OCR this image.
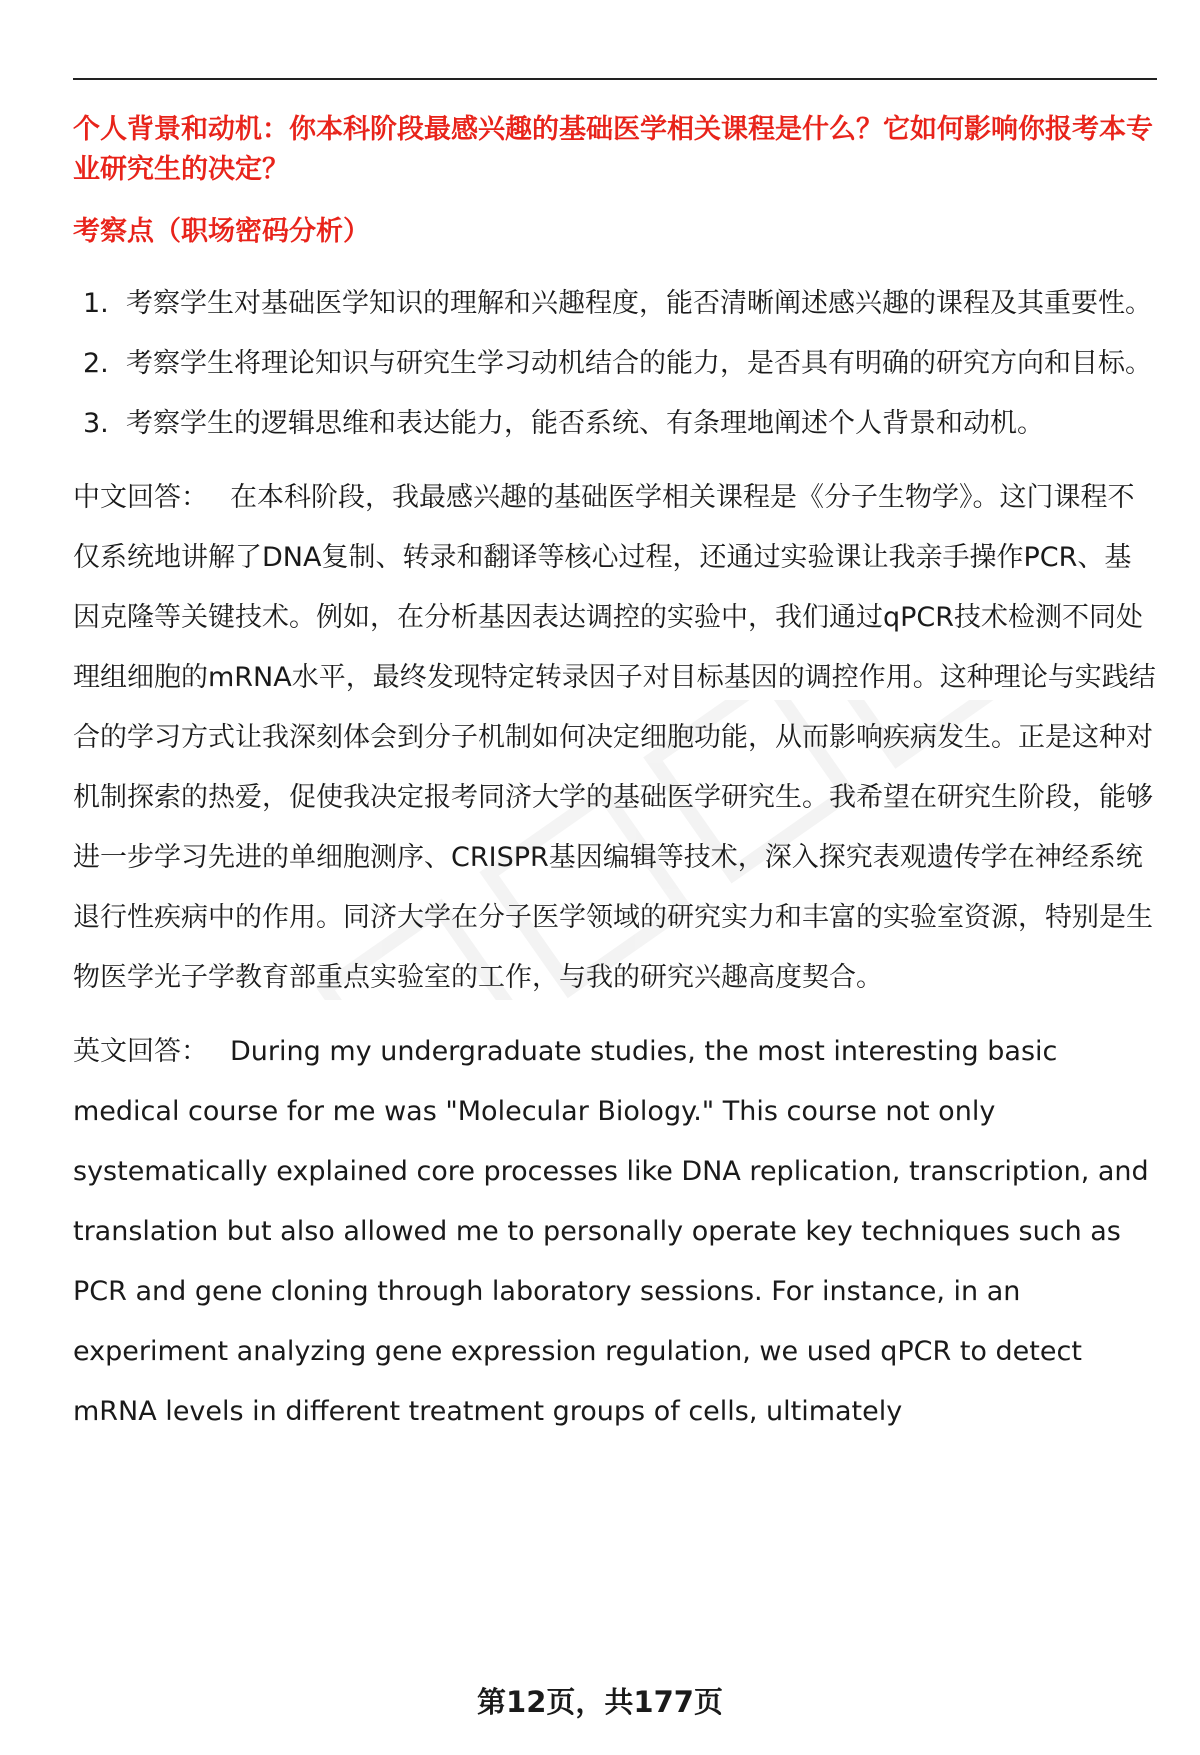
个人背景和动机：你本科阶段最感兴趣的基础医学相关课程是什么？它如何影响你报考本专业研究生的决定？

考察点（职场密码分析）

1. 考察学生对基础医学知识的理解和兴趣程度，能否清晰阐述感兴趣的课程及其重要性。
2. 考察学生将理论知识与研究生学习动机结合的能力，是否具有明确的研究方向和目标。
3. 考察学生的逻辑思维和表达能力，能否系统、有条理地阐述个人背景和动机。

中文回答： 在本科阶段，我最感兴趣的基础医学相关课程是《分子生物学》。这门课程不仅系统地讲解了DNA复制、转录和翻译等核心过程，还通过实验课让我亲手操作PCR、基因克隆等关键技术。例如，在分析基因表达调控的实验中，我们通过qPCR技术检测不同处理组细胞的mRNA水平，最终发现特定转录因子对目标基因的调控作用。这种理论与实践结合的学习方式让我深刻体会到分子机制如何决定细胞功能，从而影响疾病发生。正是这种对机制探索的热爱，促使我决定报考同济大学的基础医学研究生。我希望在研究生阶段，能够进一步学习先进的单细胞测序、CRISPR基因编辑等技术，深入探究表观遗传学在神经系统退行性疾病中的作用。同济大学在分子医学领域的研究实力和丰富的实验室资源，特别是生物医学光子学教育部重点实验室的工作，与我的研究兴趣高度契合。

英文回答： During my undergraduate studies, the most interesting basic medical course for me was "Molecular Biology." This course not only systematically explained core processes like DNA replication, transcription, and translation but also allowed me to personally operate key techniques such as PCR and gene cloning through laboratory sessions. For instance, in an experiment analyzing gene expression regulation, we used qPCR to detect mRNA levels in different treatment groups of cells, ultimately

第12页，共177页
